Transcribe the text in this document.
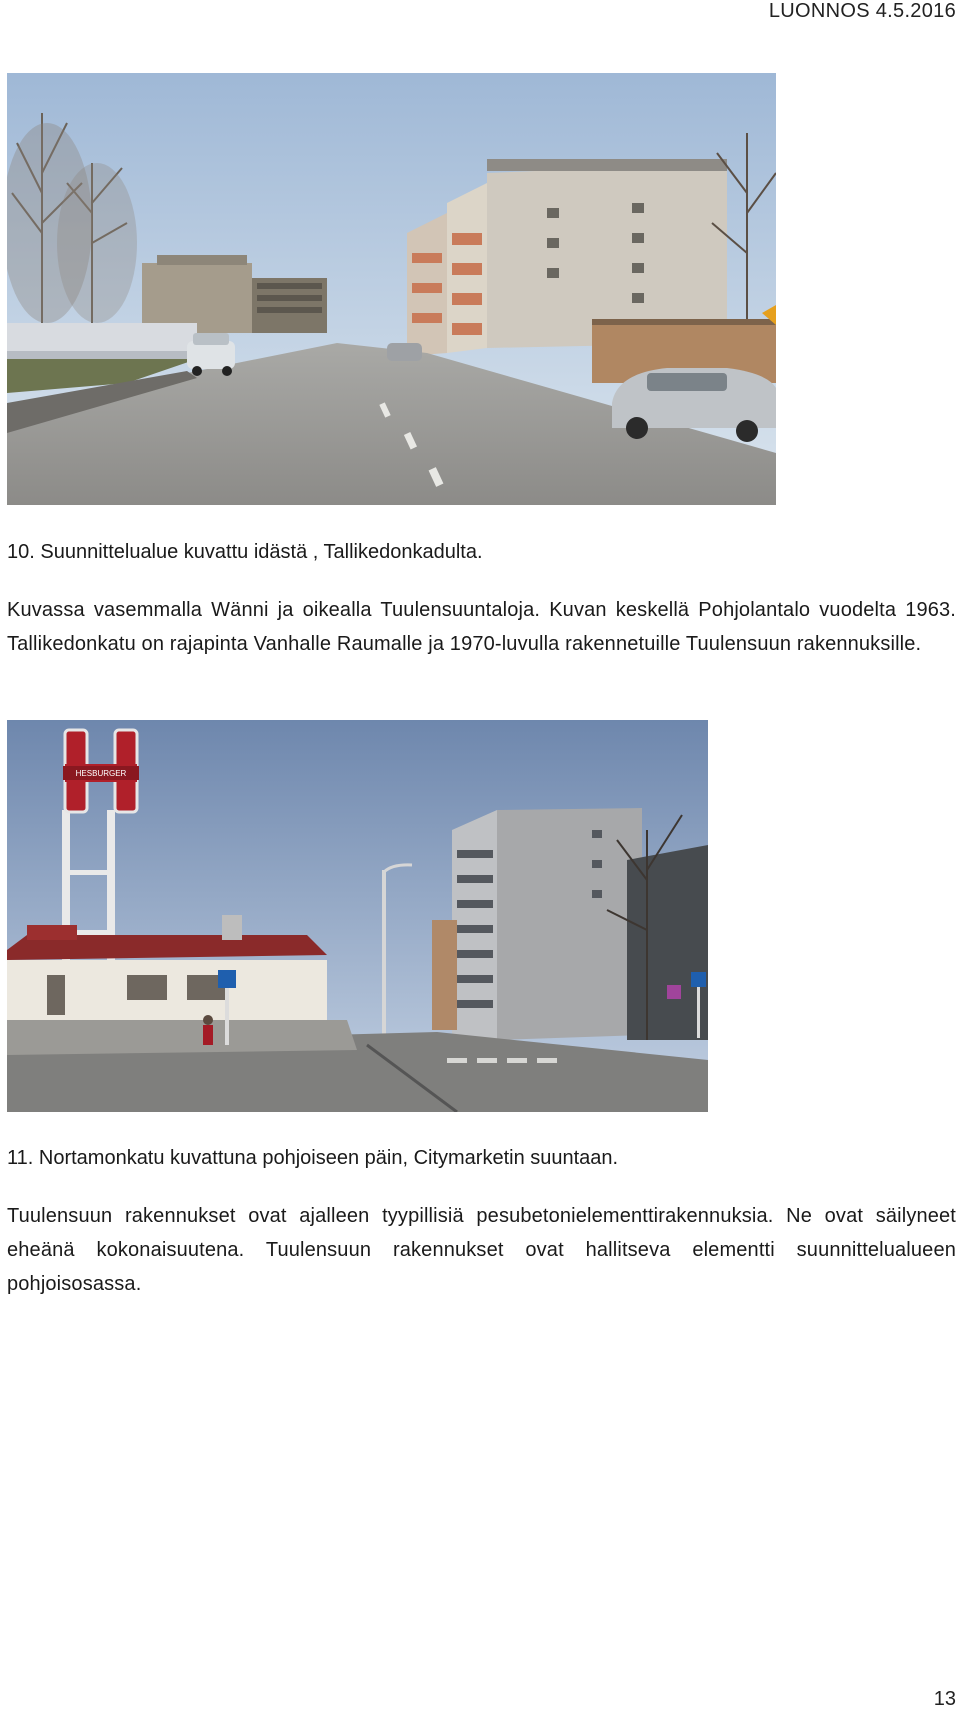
LUONNOS 4.5.2016
10. Suunnittelualue kuvattu idästä , Tallikedonkadulta.
Kuvassa vasemmalla Wänni ja oikealla Tuulensuuntaloja. Kuvan keskellä Pohjolantalo vuodelta 1963. Tallikedonkatu on rajapinta Vanhalle Raumalle ja 1970-luvulla rakennetuille Tuulensuun rakennuksille.
HESBURGER
11. Nortamonkatu kuvattuna pohjoiseen päin, Citymarketin suuntaan.
Tuulensuun rakennukset ovat ajalleen tyypillisiä pesubetonielementtirakennuksia. Ne ovat säilyneet eheänä kokonaisuutena. Tuulensuun rakennukset ovat hallitseva elementti suunnittelualueen pohjoisosassa.
13
